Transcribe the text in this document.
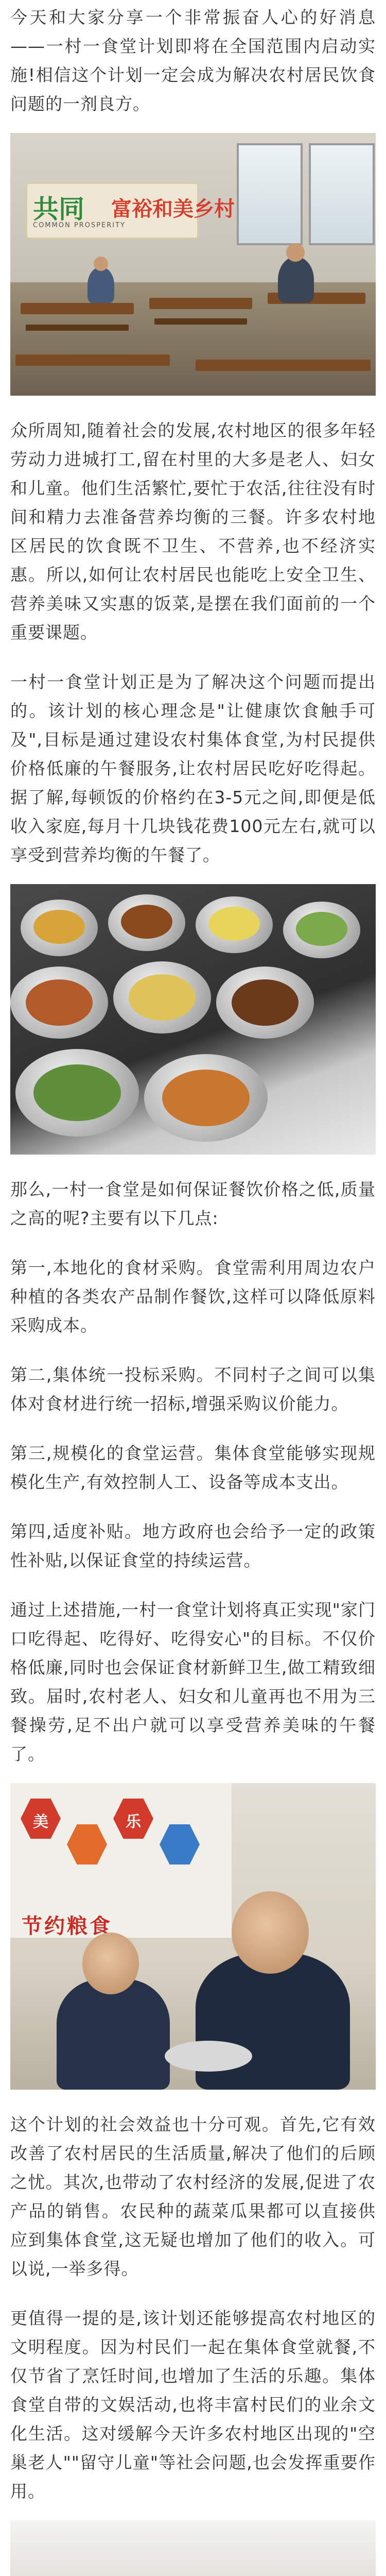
今天和大家分享一个非常振奋人心的好消息——一村一食堂计划即将在全国范围内启动实施!相信这个计划一定会成为解决农村居民饮食问题的一剂良方。

共同 富裕和美乡村
COMMON PROSPERITY

众所周知,随着社会的发展,农村地区的很多年轻劳动力进城打工,留在村里的大多是老人、妇女和儿童。他们生活繁忙,要忙于农活,往往没有时间和精力去准备营养均衡的三餐。许多农村地区居民的饮食既不卫生、不营养,也不经济实惠。所以,如何让农村居民也能吃上安全卫生、营养美味又实惠的饭菜,是摆在我们面前的一个重要课题。

一村一食堂计划正是为了解决这个问题而提出的。该计划的核心理念是"让健康饮食触手可及",目标是通过建设农村集体食堂,为村民提供价格低廉的午餐服务,让农村居民吃好吃得起。据了解,每顿饭的价格约在3-5元之间,即便是低收入家庭,每月十几块钱花费100元左右,就可以享受到营养均衡的午餐了。

那么,一村一食堂是如何保证餐饮价格之低,质量之高的呢?主要有以下几点:

第一,本地化的食材采购。食堂需利用周边农户种植的各类农产品制作餐饮,这样可以降低原料采购成本。

第二,集体统一投标采购。不同村子之间可以集体对食材进行统一招标,增强采购议价能力。

第三,规模化的食堂运营。集体食堂能够实现规模化生产,有效控制人工、设备等成本支出。

第四,适度补贴。地方政府也会给予一定的政策性补贴,以保证食堂的持续运营。

通过上述措施,一村一食堂计划将真正实现"家门口吃得起、吃得好、吃得安心"的目标。不仅价格低廉,同时也会保证食材新鲜卫生,做工精致细致。届时,农村老人、妇女和儿童再也不用为三餐操劳,足不出户就可以享受营养美味的午餐了。

美	乐
节约粮食

这个计划的社会效益也十分可观。首先,它有效改善了农村居民的生活质量,解决了他们的后顾之忧。其次,也带动了农村经济的发展,促进了农产品的销售。农民种的蔬菜瓜果都可以直接供应到集体食堂,这无疑也增加了他们的收入。可以说,一举多得。

更值得一提的是,该计划还能够提高农村地区的文明程度。因为村民们一起在集体食堂就餐,不仅节省了烹饪时间,也增加了生活的乐趣。集体食堂自带的文娱活动,也将丰富村民们的业余文化生活。这对缓解今天许多农村地区出现的"空巢老人""留守儿童"等社会问题,也会发挥重要作用。
